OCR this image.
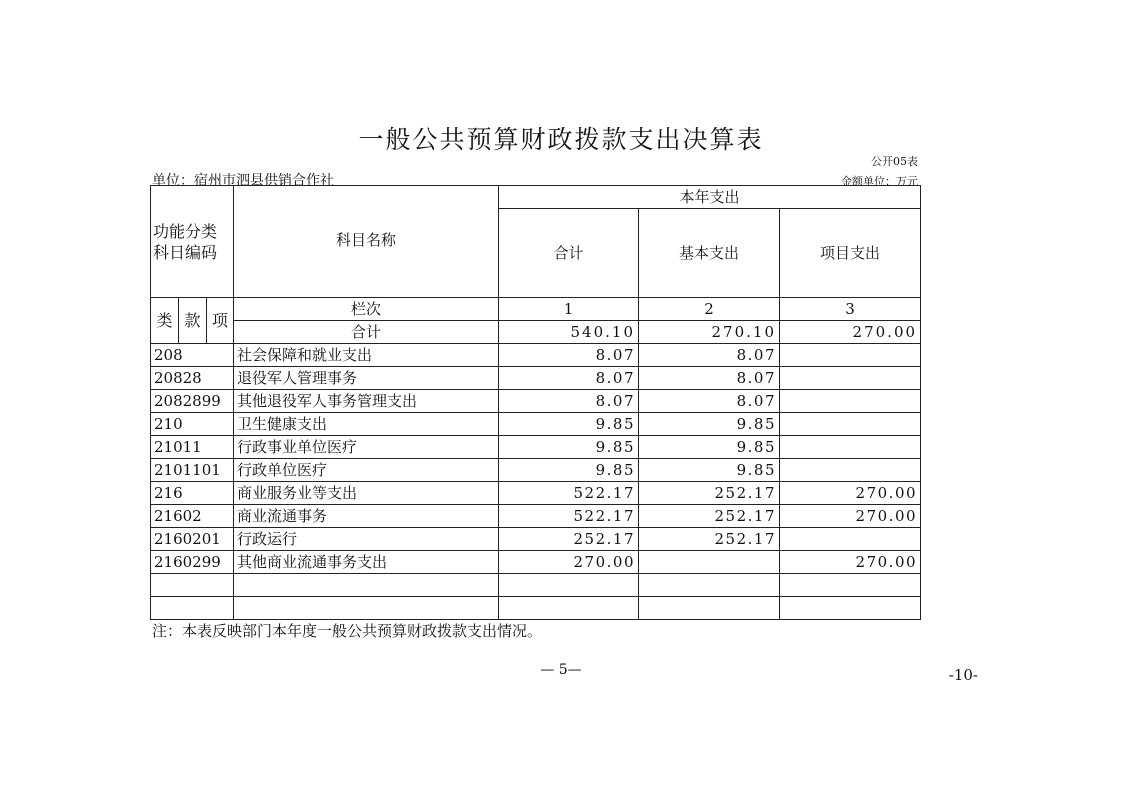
一般公共预算财政拨款支出决算表
公开05表
单位：宿州市泗县供销合作社	金额单位：万元
功能分类
科日编码			科目名称	本年支出		
				合计	基本支出	项目支出
类	款	项	栏次	1	2	3
			合计	540.10	270.10	270.00
208			社会保障和就业支出	8.07	8.07	
20828			退役军人管理事务	8.07	8.07	
2082899			其他退役军人事务管理支出	8.07	8.07	
210			卫生健康支出	9.85	9.85	
21011			行政事业单位医疗	9.85	9.85	
2101101			行政单位医疗	9.85	9.85	
216			商业服务业等支出	522.17	252.17	270.00
21602			商业流通事务	522.17	252.17	270.00
2160201			行政运行	252.17	252.17	
2160299			其他商业流通事务支出	270.00		270.00

注：本表反映部门本年度一般公共预算财政拨款支出情况。
— 5—	-10-
